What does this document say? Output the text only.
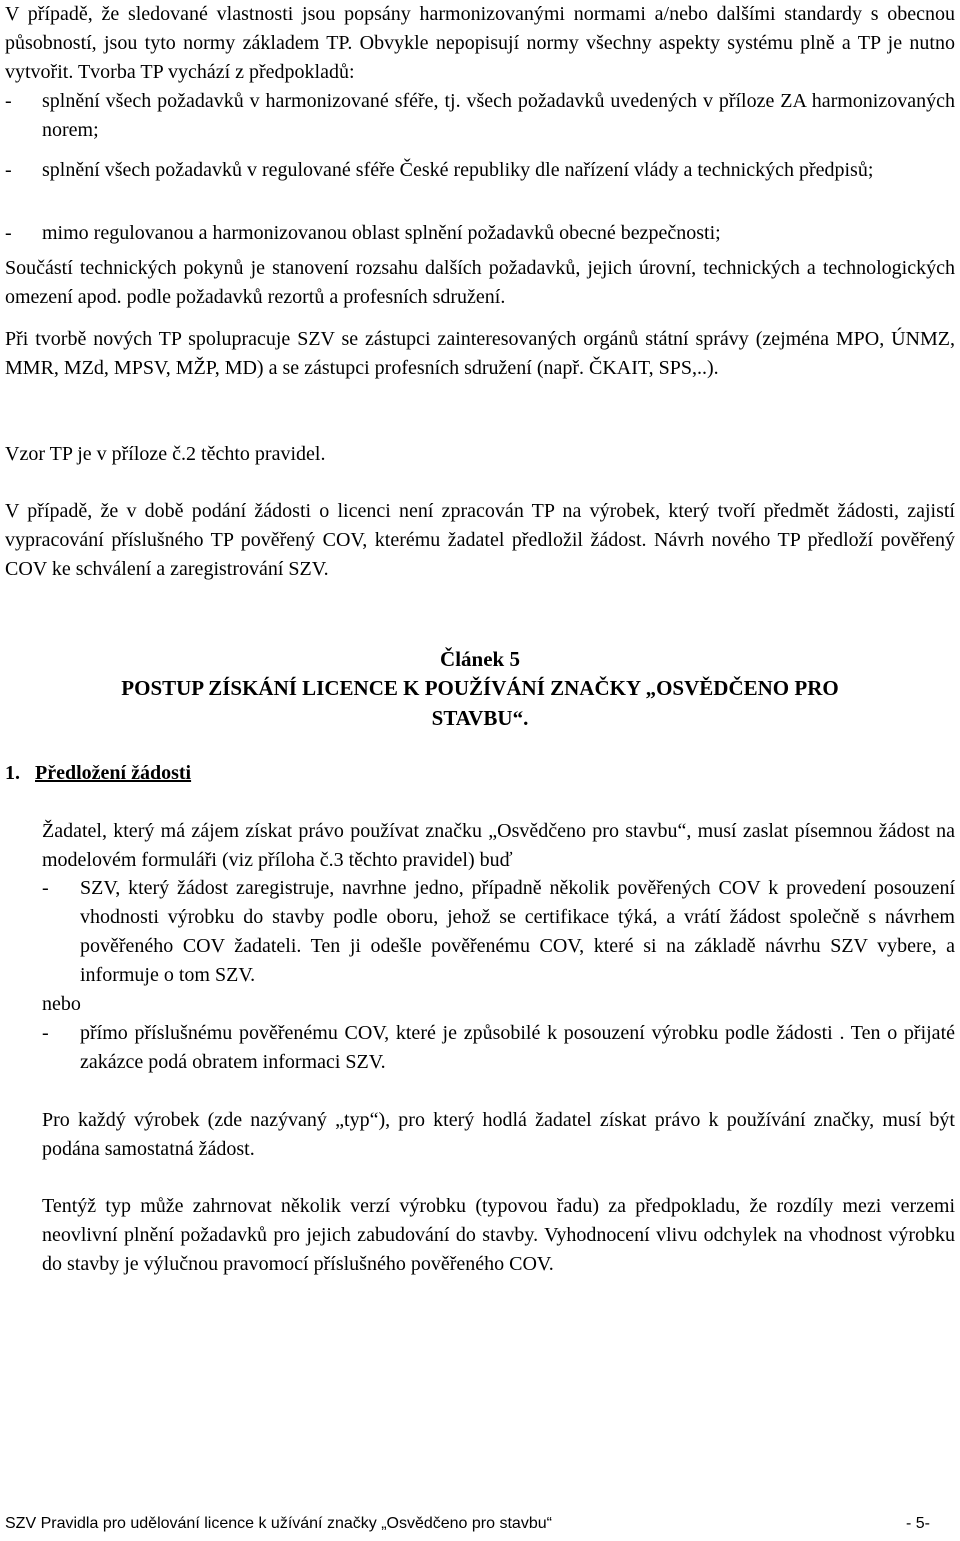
V případě, že sledované vlastnosti jsou popsány harmonizovanými normami a/nebo dalšími standardy s obecnou působností, jsou tyto normy základem TP. Obvykle nepopisují normy všechny aspekty systému plně a TP je nutno vytvořit. Tvorba TP vychází z předpokladů:

-	splnění všech požadavků v harmonizované sféře, tj. všech požadavků uvedených v příloze ZA harmonizovaných norem;
-	splnění všech požadavků v regulované sféře České republiky dle nařízení vlády a technických předpisů;
-	mimo regulovanou a harmonizovanou oblast splnění požadavků obecné bezpečnosti;

Součástí technických pokynů je stanovení rozsahu dalších požadavků, jejich úrovní, technických a technologických omezení apod. podle požadavků rezortů a profesních sdružení.

Při tvorbě nových TP spolupracuje SZV se zástupci zainteresovaných orgánů státní správy (zejména MPO, ÚNMZ, MMR, MZd, MPSV, MŽP, MD) a se zástupci profesních sdružení (např. ČKAIT, SPS,..).

Vzor TP je v příloze č.2 těchto pravidel.

V případě, že v době podání žádosti o licenci není zpracován TP na výrobek, který tvoří předmět žádosti, zajistí vypracování příslušného TP pověřený COV, kterému žadatel předložil žádost. Návrh nového TP předloží pověřený COV ke schválení a zaregistrování SZV.

Článek 5
POSTUP ZÍSKÁNÍ LICENCE K POUŽÍVÁNÍ ZNAČKY „OSVĚDČENO PRO
STAVBU“.
1. Předložení žádosti

Žadatel, který má zájem získat právo používat značku „Osvědčeno pro stavbu“, musí zaslat písemnou žádost na modelovém formuláři (viz příloha č.3 těchto pravidel) buď

-	SZV, který žádost zaregistruje, navrhne jedno, případně několik pověřených COV k provedení posouzení vhodnosti výrobku do stavby podle oboru, jehož se certifikace týká, a vrátí žádost společně s návrhem pověřeného COV žadateli. Ten ji odešle pověřenému COV, které si na základě návrhu SZV vybere, a informuje o tom SZV.
nebo
-	přímo příslušnému pověřenému COV, které je způsobilé k posouzení výrobku podle žádosti . Ten o přijaté zakázce podá obratem informaci SZV.

Pro každý výrobek (zde nazývaný „typ“), pro který hodlá žadatel získat právo k používání značky, musí být podána samostatná žádost.

Tentýž typ může zahrnovat několik verzí výrobku (typovou řadu) za předpokladu, že rozdíly mezi verzemi neovlivní plnění požadavků pro jejich zabudování do stavby. Vyhodnocení vlivu odchylek na vhodnost výrobku do stavby je výlučnou pravomocí příslušného pověřeného COV.

SZV Pravidla pro udělování licence k užívání značky „Osvědčeno pro stavbu“	- 5-
